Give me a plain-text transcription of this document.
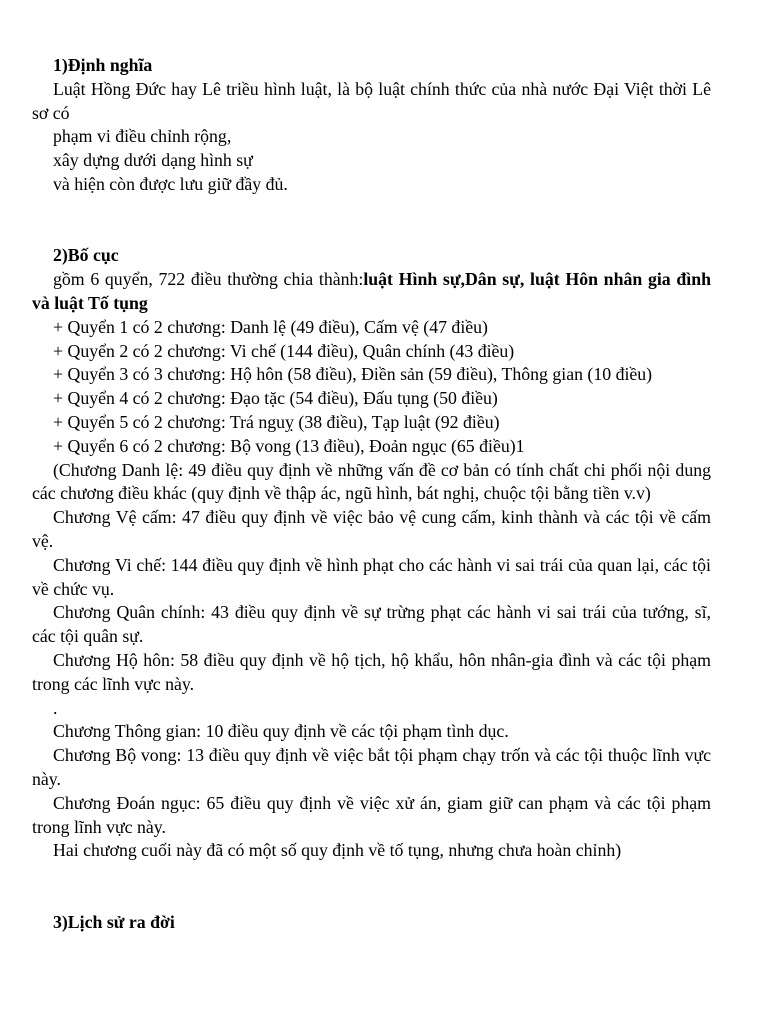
1)Định nghĩa

Luật Hồng Đức hay Lê triều hình luật, là bộ luật chính thức của nhà nước Đại Việt thời Lê sơ có

phạm vi điều chỉnh rộng,

xây dựng dưới dạng hình sự

và hiện còn được lưu giữ đầy đủ.

2)Bố cục

gồm 6 quyển, 722 điều thường chia thành:luật Hình sự,Dân sự, luật Hôn nhân gia đình và luật Tố tụng

+ Quyển 1 có 2 chương: Danh lệ (49 điều), Cấm vệ (47 điều)

+ Quyển 2 có 2 chương: Vi chế (144 điều), Quân chính (43 điều)

+ Quyển 3 có 3 chương: Hộ hôn (58 điều), Điền sản (59 điều), Thông gian (10 điều)

+ Quyển 4 có 2 chương: Đạo tặc (54 điều), Đấu tụng (50 điều)

+ Quyển 5 có 2 chương: Trá nguỵ (38 điều), Tạp luật (92 điều)

+ Quyển 6 có 2 chương: Bộ vong (13 điều), Đoản ngục (65 điều)1

(Chương Danh lệ: 49 điều quy định về những vấn đề cơ bản có tính chất chi phối nội dung các chương điều khác (quy định về thập ác, ngũ hình, bát nghị, chuộc tội bằng tiền v.v)

Chương Vệ cấm: 47 điều quy định về việc bảo vệ cung cấm, kinh thành và các tội về cấm vệ.

Chương Vi chế: 144 điều quy định về hình phạt cho các hành vi sai trái của quan lại, các tội về chức vụ.

Chương Quân chính: 43 điều quy định về sự trừng phạt các hành vi sai trái của tướng, sĩ, các tội quân sự.

Chương Hộ hôn: 58 điều quy định về hộ tịch, hộ khẩu, hôn nhân-gia đình và các tội phạm trong các lĩnh vực này.

.

Chương Thông gian: 10 điều quy định về các tội phạm tình dục.

Chương Bộ vong: 13 điều quy định về việc bắt tội phạm chạy trốn và các tội thuộc lĩnh vực này.

Chương Đoán ngục: 65 điều quy định về việc xử án, giam giữ can phạm và các tội phạm trong lĩnh vực này.

Hai chương cuối này đã có một số quy định về tố tụng, nhưng chưa hoàn chỉnh)

3)Lịch sử ra đời
